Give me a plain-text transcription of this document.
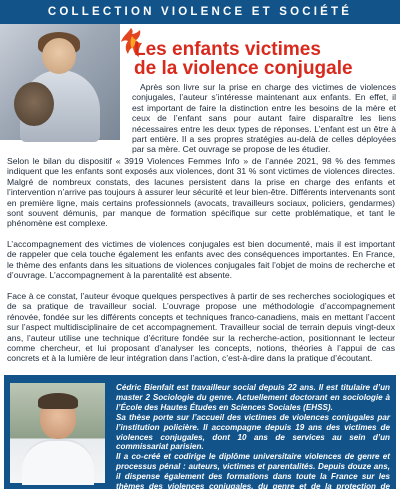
COLLECTION VIOLENCE ET SOCIÉTÉ
Les enfants victimes
de la violence conjugale

Après son livre sur la prise en charge des victimes de violences conjugales, l’auteur s’intéresse maintenant aux enfants. En effet, il est important de faire la distinction entre les besoins de la mère et ceux de l’enfant sans pour autant faire disparaître les liens nécessaires entre les deux types de réponses. L’enfant est un être à part entière. Il a ses propres stratégies au-delà de celles déployées par sa mère. Cet ouvrage se propose de les étudier.

Selon le bilan du dispositif « 3919 Violences Femmes Info » de l’année 2021, 98 % des femmes indiquent que les enfants sont exposés aux violences, dont 31 % sont victimes de violences directes. Malgré de nombreux constats, des lacunes persistent dans la prise en charge des enfants et l’intervention n’arrive pas toujours à assurer leur sécurité et leur bien-être. Différents intervenants sont en première ligne, mais certains professionnels (avocats, travailleurs sociaux, policiers, gendarmes) sont souvent démunis, par manque de formation spécifique sur cette problématique, et tant le phénomène est complexe.

L’accompagnement des victimes de violences conjugales est bien documenté, mais il est important de rappeler que cela touche également les enfants avec des conséquences importantes. En France, le thème des enfants dans les situations de violences conjugales fait l’objet de moins de recherche et d’ouvrage. L’accompagnement à la parentalité est absente.

Face à ce constat, l’auteur évoque quelques perspectives à partir de ses recherches sociologiques et de sa pratique de travailleur social. L’ouvrage propose une méthodologie d’accompagnement rénovée, fondée sur les différents concepts et techniques franco-canadiens, mais en mettant l’accent sur l’aspect multidisciplinaire de cet accompagnement. Travailleur social de terrain depuis vingt-deux ans, l’auteur utilise une technique d’écriture fondée sur la recherche-action, positionnant le lecteur comme chercheur, et lui proposant d’analyser les concepts, notions, théories à l’appui de cas concrets et à la lumière de leur intégration dans l’action, c’est-à-dire dans la pratique d’écoutant.

Cédric Bienfait est travailleur social depuis 22 ans. Il est titulaire d’un master 2 Sociologie du genre. Actuellement doctorant en sociologie à l’École des Hautes Études en Sciences Sociales (EHSS).

Sa thèse porte sur l’accueil des victimes de violences conjugales par l’institution policière. Il accompagne depuis 19 ans des victimes de violences conjugales, dont 10 ans de services au sein d’un commissariat parisien.

Il a co-créé et codirige le diplôme universitaire violences de genre et processus pénal : auteurs, victimes et parentalités. Depuis douze ans, il dispense également des formations dans toute la France sur les thèmes des violences conjugales, du genre et de la protection de l’enfance.
